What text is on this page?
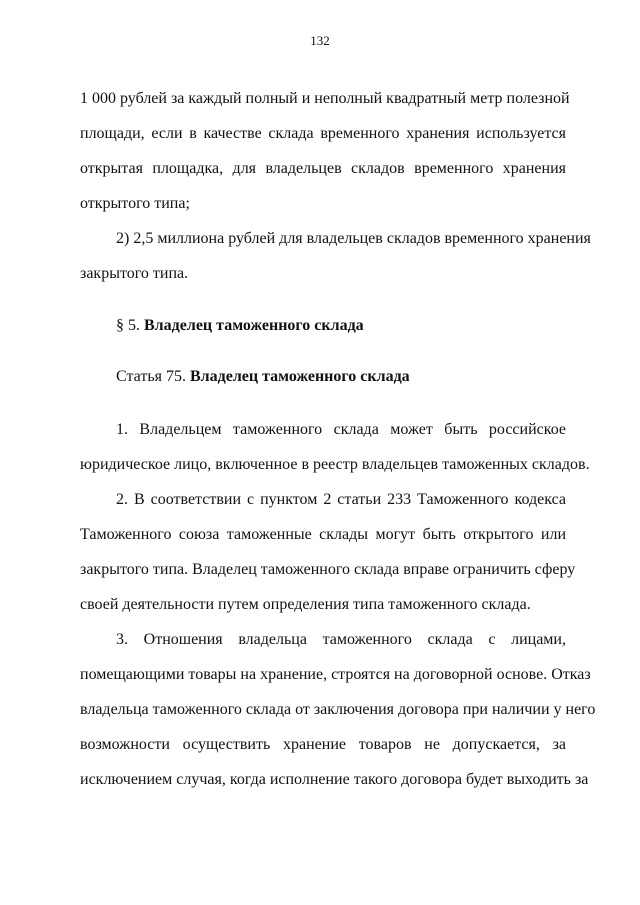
132
1 000 рублей за каждый полный и неполный квадратный метр полезной
площади, если в качестве склада временного хранения используется
открытая площадка, для владельцев складов временного хранения
открытого типа;
2) 2,5 миллиона рублей для владельцев складов временного хранения
закрытого типа.
§ 5. Владелец таможенного склада
Статья 75. Владелец таможенного склада
1. Владельцем таможенного склада может быть российское
юридическое лицо, включенное в реестр владельцев таможенных складов.
2. В соответствии с пунктом 2 статьи 233 Таможенного кодекса
Таможенного союза таможенные склады могут быть открытого или
закрытого типа. Владелец таможенного склада вправе ограничить сферу
своей деятельности путем определения типа таможенного склада.
3. Отношения владельца таможенного склада с лицами,
помещающими товары на хранение, строятся на договорной основе. Отказ
владельца таможенного склада от заключения договора при наличии у него
возможности осуществить хранение товаров не допускается, за
исключением случая, когда исполнение такого договора будет выходить за
